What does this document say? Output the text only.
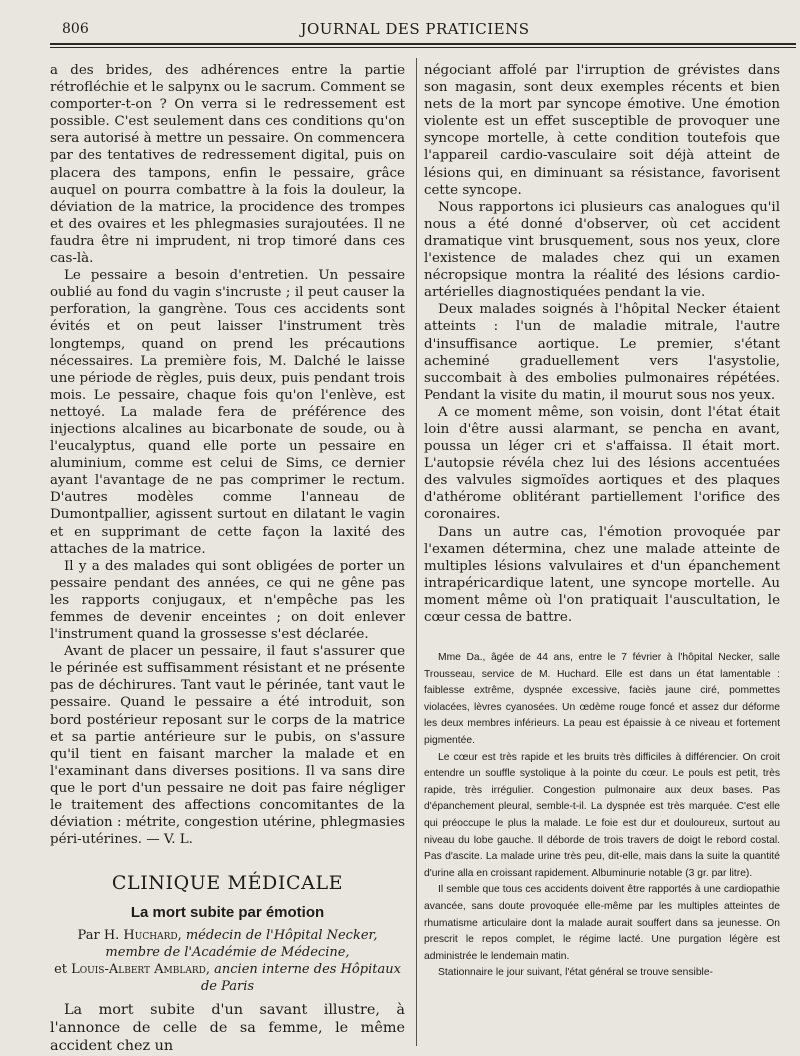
806	JOURNAL DES PRATICIENS

a des brides, des adhérences entre la partie rétrofléchie et le salpynx ou le sacrum. Comment se comporter-t-on ? On verra si le redressement est possible. C'est seulement dans ces conditions qu'on sera autorisé à mettre un pessaire. On commencera par des tentatives de redressement digital, puis on placera des tampons, enfin le pessaire, grâce auquel on pourra combattre à la fois la douleur, la déviation de la matrice, la procidence des trompes et des ovaires et les phlegmasies surajoutées. Il ne faudra être ni imprudent, ni trop timoré dans ces cas-là.

Le pessaire a besoin d'entretien. Un pessaire oublié au fond du vagin s'incruste ; il peut causer la perforation, la gangrène. Tous ces accidents sont évités et on peut laisser l'instrument très longtemps, quand on prend les précautions nécessaires. La première fois, M. Dalché le laisse une période de règles, puis deux, puis pendant trois mois. Le pessaire, chaque fois qu'on l'enlève, est nettoyé. La malade fera de préférence des injections alcalines au bicarbonate de soude, ou à l'eucalyptus, quand elle porte un pessaire en aluminium, comme est celui de Sims, ce dernier ayant l'avantage de ne pas comprimer le rectum. D'autres modèles comme l'anneau de Dumontpallier, agissent surtout en dilatant le vagin et en supprimant de cette façon la laxité des attaches de la matrice.

Il y a des malades qui sont obligées de porter un pessaire pendant des années, ce qui ne gêne pas les rapports conjugaux, et n'empêche pas les femmes de devenir enceintes ; on doit enlever l'instrument quand la grossesse s'est déclarée.

Avant de placer un pessaire, il faut s'assurer que le périnée est suffisamment résistant et ne présente pas de déchirures. Tant vaut le périnée, tant vaut le pessaire. Quand le pessaire a été introduit, son bord postérieur reposant sur le corps de la matrice et sa partie antérieure sur le pubis, on s'assure qu'il tient en faisant marcher la malade et en l'examinant dans diverses positions. Il va sans dire que le port d'un pessaire ne doit pas faire négliger le traitement des affections concomitantes de la déviation : métrite, congestion utérine, phlegmasies péri-utérines. — V. L.

CLINIQUE MÉDICALE
La mort subite par émotion

Par H. Huchard, médecin de l'Hôpital Necker, membre de l'Académie de Médecine,

et Louis-Albert Amblard, ancien interne des Hôpitaux de Paris

La mort subite d'un savant illustre, à l'annonce de celle de sa femme, le même accident chez un

négociant affolé par l'irruption de grévistes dans son magasin, sont deux exemples récents et bien nets de la mort par syncope émotive. Une émotion violente est un effet susceptible de provoquer une syncope mortelle, à cette condition toutefois que l'appareil cardio-vasculaire soit déjà atteint de lésions qui, en diminuant sa résistance, favorisent cette syncope.

Nous rapportons ici plusieurs cas analogues qu'il nous a été donné d'observer, où cet accident dramatique vint brusquement, sous nos yeux, clore l'existence de malades chez qui un examen nécropsique montra la réalité des lésions cardio-artérielles diagnostiquées pendant la vie.

Deux malades soignés à l'hôpital Necker étaient atteints : l'un de maladie mitrale, l'autre d'insuffisance aortique. Le premier, s'étant acheminé graduellement vers l'asystolie, succombait à des embolies pulmonaires répétées. Pendant la visite du matin, il mourut sous nos yeux.

A ce moment même, son voisin, dont l'état était loin d'être aussi alarmant, se pencha en avant, poussa un léger cri et s'affaissa. Il était mort. L'autopsie révéla chez lui des lésions accentuées des valvules sigmoïdes aortiques et des plaques d'athérome oblitérant partiellement l'orifice des coronaires.

Dans un autre cas, l'émotion provoquée par l'examen détermina, chez une malade atteinte de multiples lésions valvulaires et d'un épanchement intrapéricardique latent, une syncope mortelle. Au moment même où l'on pratiquait l'auscultation, le cœur cessa de battre.

Mme Da., âgée de 44 ans, entre le 7 février à l'hôpital Necker, salle Trousseau, service de M. Huchard. Elle est dans un état lamentable : faiblesse extrême, dyspnée excessive, faciès jaune ciré, pommettes violacées, lèvres cyanosées. Un œdème rouge foncé et assez dur déforme les deux membres inférieurs. La peau est épaissie à ce niveau et fortement pigmentée.

Le cœur est très rapide et les bruits très difficiles à différencier. On croit entendre un souffle systolique à la pointe du cœur. Le pouls est petit, très rapide, très irrégulier. Congestion pulmonaire aux deux bases. Pas d'épanchement pleural, semble-t-il. La dyspnée est très marquée. C'est elle qui préoccupe le plus la malade. Le foie est dur et douloureux, surtout au niveau du lobe gauche. Il déborde de trois travers de doigt le rebord costal. Pas d'ascite. La malade urine très peu, dit-elle, mais dans la suite la quantité d'urine alla en croissant rapidement. Albuminurie notable (3 gr. par litre).

Il semble que tous ces accidents doivent être rapportés à une cardiopathie avancée, sans doute provoquée elle-même par les multiples atteintes de rhumatisme articulaire dont la malade aurait souffert dans sa jeunesse. On prescrit le repos complet, le régime lacté. Une purgation légère est administrée le lendemain matin.

Stationnaire le jour suivant, l'état général se trouve sensible-
